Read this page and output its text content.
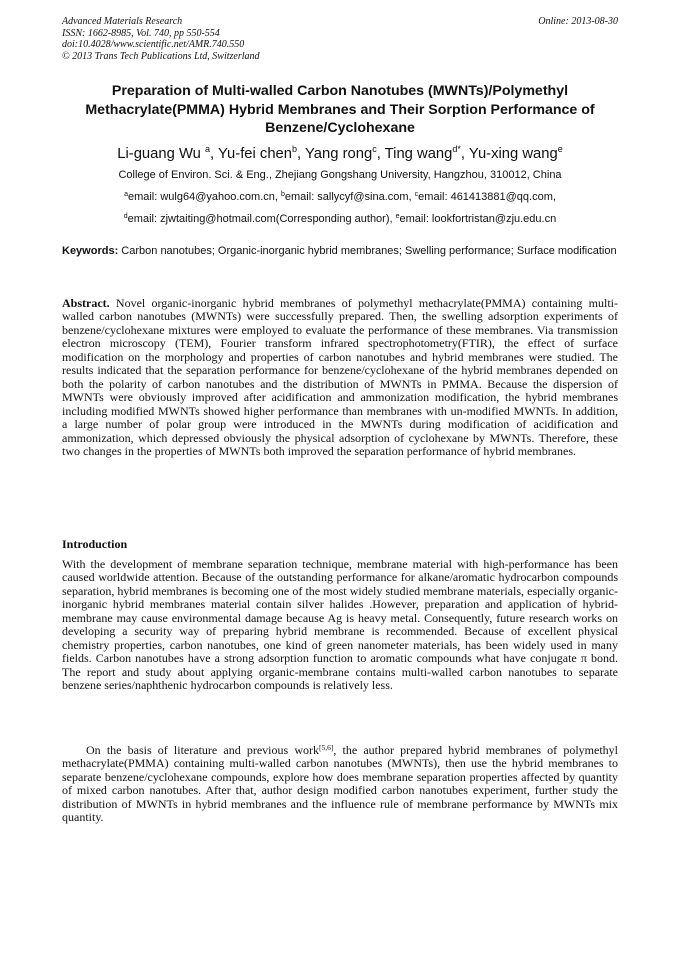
Advanced Materials Research
ISSN: 1662-8985, Vol. 740, pp 550-554
doi:10.4028/www.scientific.net/AMR.740.550
© 2013 Trans Tech Publications Ltd, Switzerland
Online: 2013-08-30
Preparation of Multi-walled Carbon Nanotubes (MWNTs)/Polymethyl Methacrylate(PMMA) Hybrid Membranes and Their Sorption Performance of Benzene/Cyclohexane
Li-guang Wu $^a$, Yu-fei chen$^b$, Yang rong$^c$, Ting wang$^{d*}$, Yu-xing wang$^e$
College of Environ. Sci. & Eng., Zhejiang Gongshang University, Hangzhou, 310012, China
$^a$email: wulg64@yahoo.com.cn, $^b$email: sallycyf@sina.com, $^c$email: 461413881@qq.com,
$^d$email: zjwtaiting@hotmail.com(Corresponding author), $^e$email: lookfortristan@zju.edu.cn
Keywords: Carbon nanotubes; Organic-inorganic hybrid membranes; Swelling performance; Surface modification
Abstract. Novel organic-inorganic hybrid membranes of polymethyl methacrylate(PMMA) containing multi-walled carbon nanotubes (MWNTs) were successfully prepared. Then, the swelling adsorption experiments of benzene/cyclohexane mixtures were employed to evaluate the performance of these membranes. Via transmission electron microscopy (TEM), Fourier transform infrared spectrophotometry(FTIR), the effect of surface modification on the morphology and properties of carbon nanotubes and hybrid membranes were studied. The results indicated that the separation performance for benzene/cyclohexane of the hybrid membranes depended on both the polarity of carbon nanotubes and the distribution of MWNTs in PMMA. Because the dispersion of MWNTs were obviously improved after acidification and ammonization modification, the hybrid membranes including modified MWNTs showed higher performance than membranes with un-modified MWNTs. In addition, a large number of polar group were introduced in the MWNTs during modification of acidification and ammonization, which depressed obviously the physical adsorption of cyclohexane by MWNTs. Therefore, these two changes in the properties of MWNTs both improved the separation performance of hybrid membranes.
Introduction
With the development of membrane separation technique, membrane material with high-performance has been caused worldwide attention. Because of the outstanding performance for alkane/aromatic hydrocarbon compounds separation, hybrid membranes is becoming one of the most widely studied membrane materials, especially organic-inorganic hybrid membranes material contain silver halides .However, preparation and application of hybrid-membrane may cause environmental damage because Ag is heavy metal. Consequently, future research works on developing a security way of preparing hybrid membrane is recommended. Because of excellent physical chemistry properties, carbon nanotubes, one kind of green nanometer materials, has been widely used in many fields. Carbon nanotubes have a strong adsorption function to aromatic compounds what have conjugate π bond. The report and study about applying organic-membrane contains multi-walled carbon nanotubes to separate benzene series/naphthenic hydrocarbon compounds is relatively less.
On the basis of literature and previous work[5,6], the author prepared hybrid membranes of polymethyl methacrylate(PMMA) containing multi-walled carbon nanotubes (MWNTs), then use the hybrid membranes to separate benzene/cyclohexane compounds, explore how does membrane separation properties affected by quantity of mixed carbon nanotubes. After that, author design modified carbon nanotubes experiment, further study the distribution of MWNTs in hybrid membranes and the influence rule of membrane performance by MWNTs mix quantity.
